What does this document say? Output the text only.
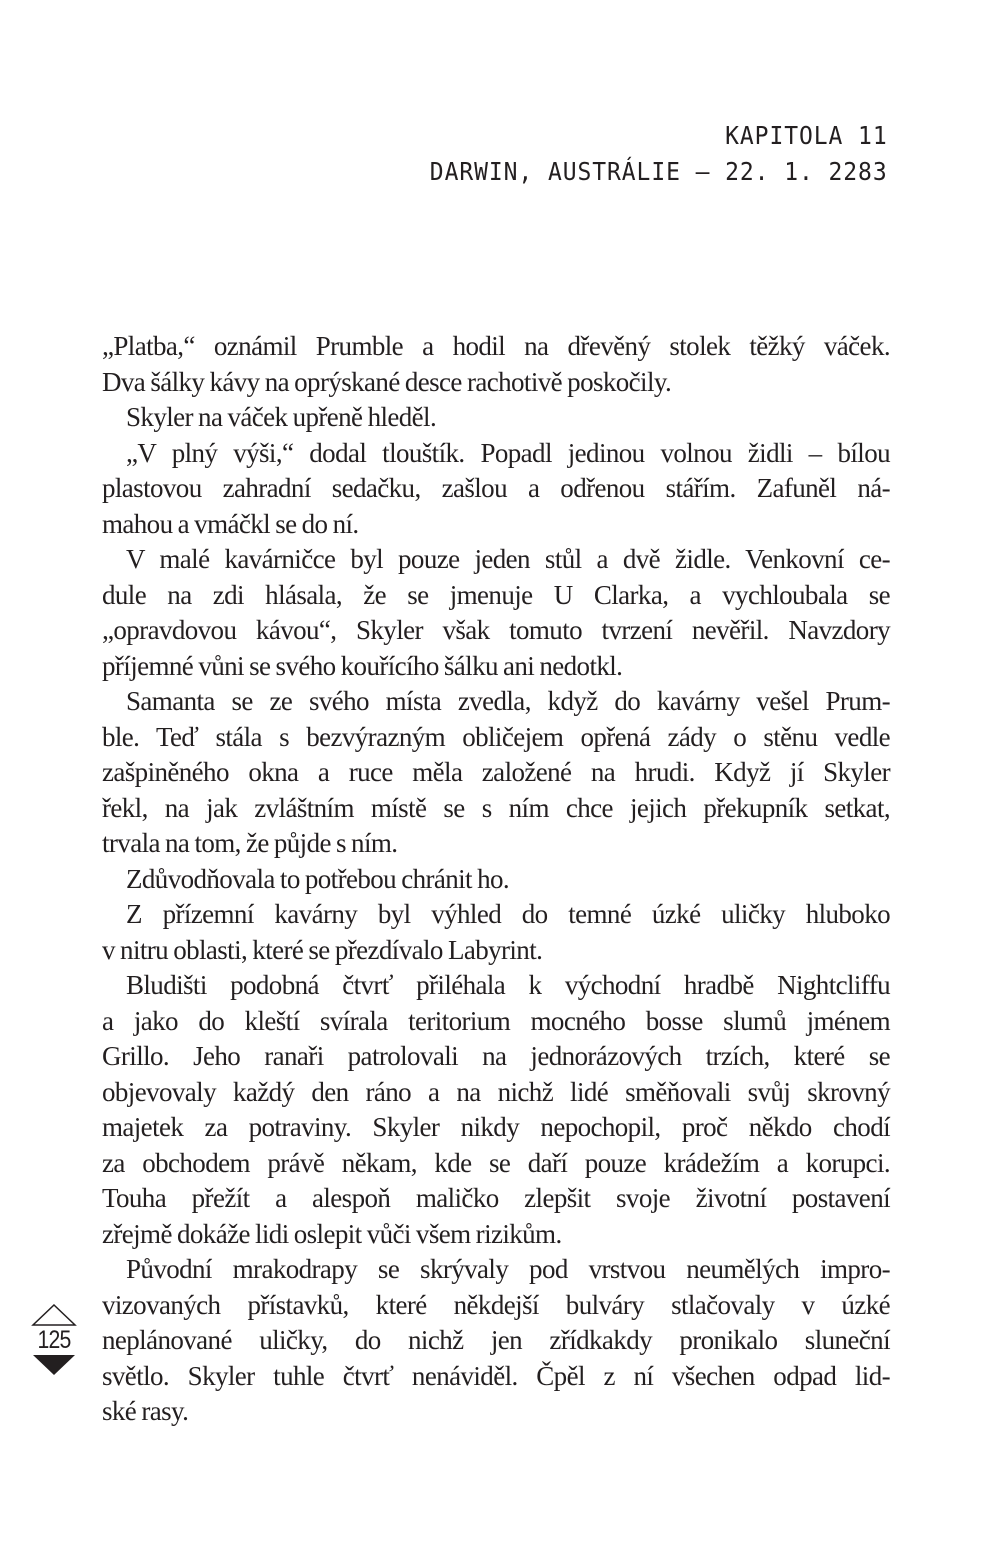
KAPITOLA 11
DARWIN, AUSTRÁLIE – 22. 1. 2283
„Platba,“ oznámil Prumble a hodil na dřevěný stolek těžký váček.
Dva šálky kávy na oprýskané desce rachotivě poskočily.
Skyler na váček upřeně hleděl.
„V plný výši,“ dodal tlouštík. Popadl jedinou volnou židli – bílou
plastovou zahradní sedačku, zašlou a odřenou stářím. Zafuněl ná-
mahou a vmáčkl se do ní.
V malé kavárničce byl pouze jeden stůl a dvě židle. Venkovní ce-
dule na zdi hlásala, že se jmenuje U Clarka, a vychloubala se
„opravdovou kávou“, Skyler však tomuto tvrzení nevěřil. Navzdory
příjemné vůni se svého kouřícího šálku ani nedotkl.
Samanta se ze svého místa zvedla, když do kavárny vešel Prum-
ble. Teď stála s bezvýrazným obličejem opřená zády o stěnu vedle
zašpiněného okna a ruce měla založené na hrudi. Když jí Skyler
řekl, na jak zvláštním místě se s ním chce jejich překupník setkat,
trvala na tom, že půjde s ním.
Zdůvodňovala to potřebou chránit ho.
Z přízemní kavárny byl výhled do temné úzké uličky hluboko
v nitru oblasti, které se přezdívalo Labyrint.
Bludišti podobná čtvrť přiléhala k východní hradbě Nightcliffu
a jako do kleští svírala teritorium mocného bosse slumů jménem
Grillo. Jeho ranaři patrolovali na jednorázových trzích, které se
objevovaly každý den ráno a na nichž lidé směňovali svůj skrovný
majetek za potraviny. Skyler nikdy nepochopil, proč někdo chodí
za obchodem právě někam, kde se daří pouze krádežím a korupci.
Touha přežít a alespoň maličko zlepšit svoje životní postavení
zřejmě dokáže lidi oslepit vůči všem rizikům.
Původní mrakodrapy se skrývaly pod vrstvou neumělých impro-
vizovaných přístavků, které někdejší bulváry stlačovaly v úzké
neplánované uličky, do nichž jen zřídkakdy pronikalo sluneční
světlo. Skyler tuhle čtvrť nenáviděl. Čpěl z ní všechen odpad lid-
ské rasy.
125
